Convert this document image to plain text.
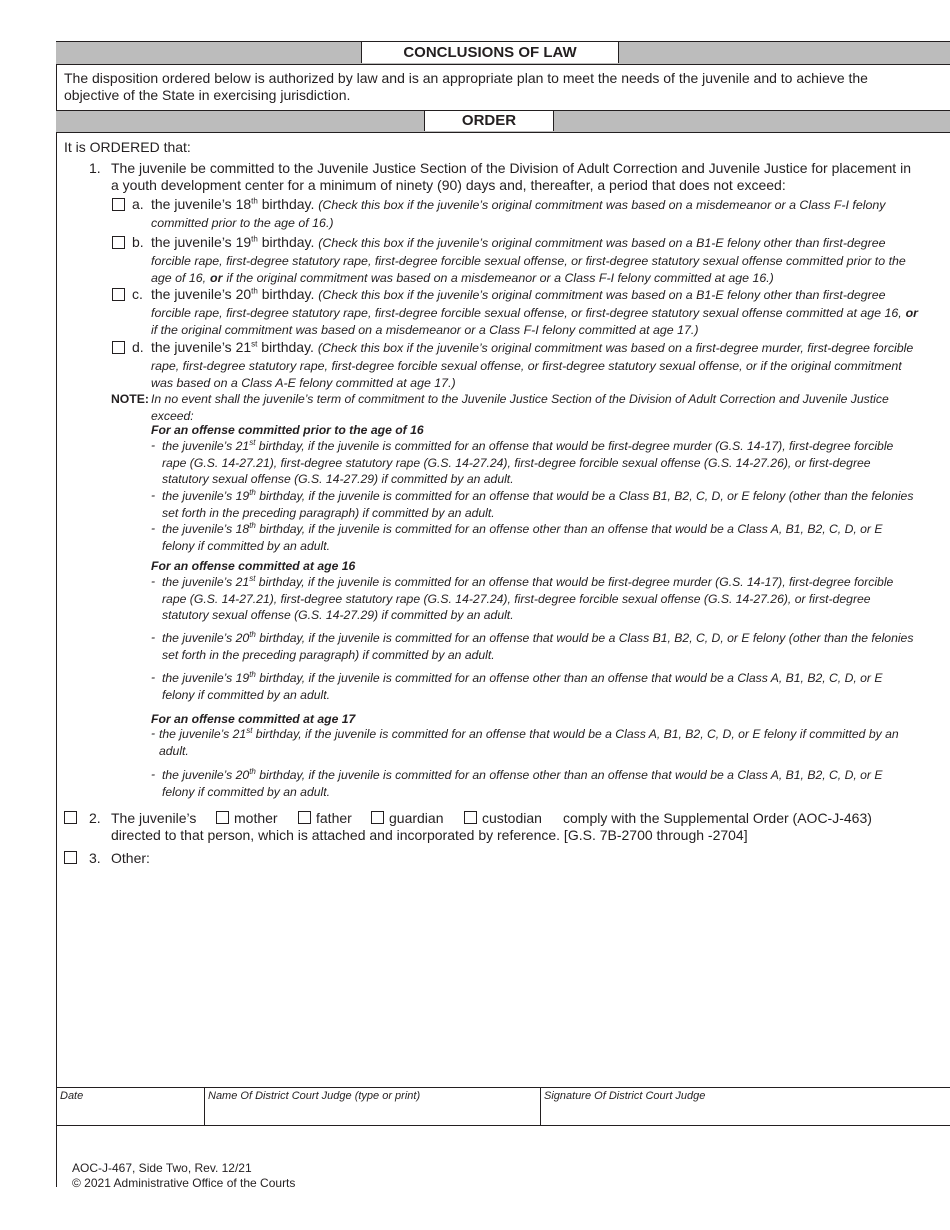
CONCLUSIONS OF LAW
The disposition ordered below is authorized by law and is an appropriate plan to meet the needs of the juvenile and to achieve the objective of the State in exercising jurisdiction.
ORDER
It is ORDERED that:
1. The juvenile be committed to the Juvenile Justice Section of the Division of Adult Correction and Juvenile Justice for placement in a youth development center for a minimum of ninety (90) days and, thereafter, a period that does not exceed:
a. the juvenile’s 18th birthday. (Check this box if the juvenile’s original commitment was based on a misdemeanor or a Class F-I felony committed prior to the age of 16.)
b. the juvenile’s 19th birthday. (Check this box if the juvenile’s original commitment was based on a B1-E felony other than first-degree forcible rape, first-degree statutory rape, first-degree forcible sexual offense, or first-degree statutory sexual offense committed prior to the age of 16, or if the original commitment was based on a misdemeanor or a Class F-I felony committed at age 16.)
c. the juvenile’s 20th birthday. (Check this box if the juvenile’s original commitment was based on a B1-E felony other than first-degree forcible rape, first-degree statutory rape, first-degree forcible sexual offense, or first-degree statutory sexual offense committed at age 16, or if the original commitment was based on a misdemeanor or a Class F-I felony committed at age 17.)
d. the juvenile’s 21st birthday. (Check this box if the juvenile’s original commitment was based on a first-degree murder, first-degree forcible rape, first-degree statutory rape, first-degree forcible sexual offense, or first-degree statutory sexual offense, or if the original commitment was based on a Class A-E felony committed at age 17.)
NOTE: In no event shall the juvenile’s term of commitment to the Juvenile Justice Section of the Division of Adult Correction and Juvenile Justice exceed:
For an offense committed prior to the age of 16
- the juvenile’s 21st birthday, if the juvenile is committed for an offense that would be first-degree murder (G.S. 14-17), first-degree forcible rape (G.S. 14-27.21), first-degree statutory rape (G.S. 14-27.24), first-degree forcible sexual offense (G.S. 14-27.26), or first-degree statutory sexual offense (G.S. 14-27.29) if committed by an adult.
- the juvenile’s 19th birthday, if the juvenile is committed for an offense that would be a Class B1, B2, C, D, or E felony (other than the felonies set forth in the preceding paragraph) if committed by an adult.
- the juvenile’s 18th birthday, if the juvenile is committed for an offense other than an offense that would be a Class A, B1, B2, C, D, or E felony if committed by an adult.
For an offense committed at age 16
- the juvenile’s 21st birthday, if the juvenile is committed for an offense that would be first-degree murder (G.S. 14-17), first-degree forcible rape (G.S. 14-27.21), first-degree statutory rape (G.S. 14-27.24), first-degree forcible sexual offense (G.S. 14-27.26), or first-degree statutory sexual offense (G.S. 14-27.29) if committed by an adult.
- the juvenile’s 20th birthday, if the juvenile is committed for an offense that would be a Class B1, B2, C, D, or E felony (other than the felonies set forth in the preceding paragraph) if committed by an adult.
- the juvenile’s 19th birthday, if the juvenile is committed for an offense other than an offense that would be a Class A, B1, B2, C, D, or E felony if committed by an adult.
For an offense committed at age 17
- the juvenile’s 21st birthday, if the juvenile is committed for an offense that would be a Class A, B1, B2, C, D, or E felony if committed by an adult.
- the juvenile’s 20th birthday, if the juvenile is committed for an offense other than an offense that would be a Class A, B1, B2, C, D, or E felony if committed by an adult.
2. The juvenile’s	mother	father	guardian	custodian comply with the Supplemental Order (AOC-J-463)
directed to that person, which is attached and incorporated by reference. [G.S. 7B-2700 through -2704]
3. Other:
Date	Name Of District Court Judge (type or print)	Signature Of District Court Judge
AOC-J-467, Side Two, Rev. 12/21
© 2021 Administrative Office of the Courts
